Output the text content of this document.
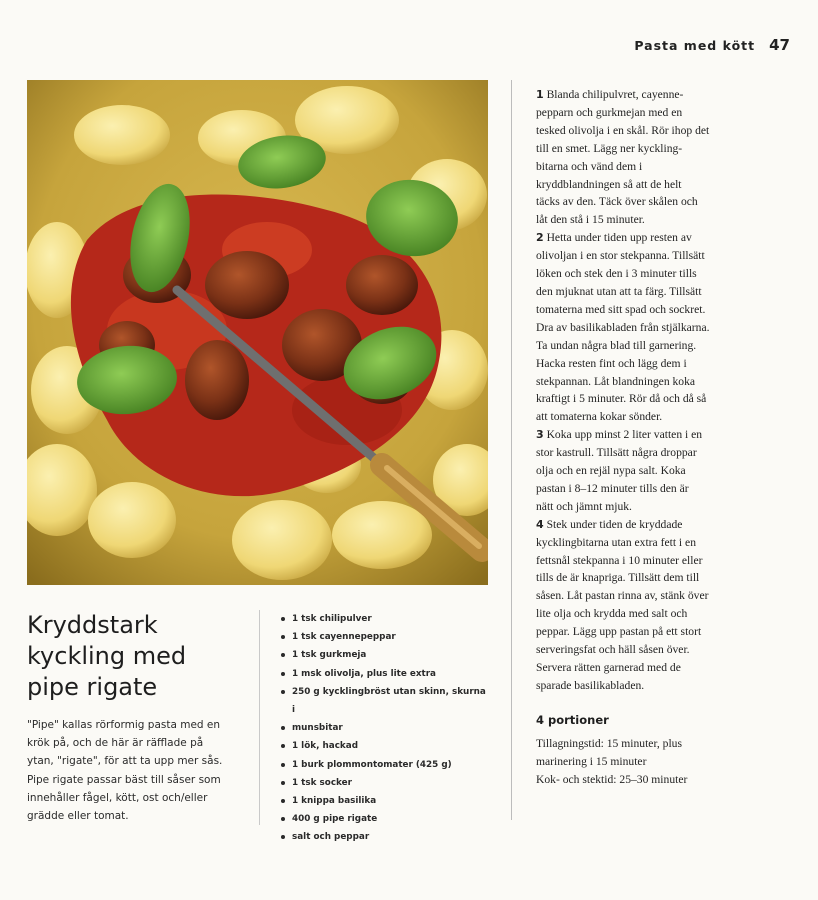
Pasta med kött 47
Kryddstark
kyckling med
pipe rigate

"Pipe" kallas rörformig pasta med en
krök på, och de här är räfflade på
ytan, "rigate", för att ta upp mer sås.
Pipe rigate passar bäst till såser som
innehåller fågel, kött, ost och/eller
grädde eller tomat.

1 tsk chilipulver
1 tsk cayennepeppar
1 tsk gurkmeja
1 msk olivolja, plus lite extra
250 g kycklingbröst utan skinn, skurna i
munsbitar
1 lök, hackad
1 burk plommontomater (425 g)
1 tsk socker
1 knippa basilika
400 g pipe rigate
salt och peppar

1 Blanda chilipulvret, cayenne-
pepparn och gurkmejan med en
tesked olivolja i en skål. Rör ihop det
till en smet. Lägg ner kyckling-
bitarna och vänd dem i
kryddblandningen så att de helt
täcks av den. Täck över skålen och
låt den stå i 15 minuter.

2 Hetta under tiden upp resten av
olivoljan i en stor stekpanna. Tillsätt
löken och stek den i 3 minuter tills
den mjuknat utan att ta färg. Tillsätt
tomaterna med sitt spad och sockret.
Dra av basilikabladen från stjälkarna.
Ta undan några blad till garnering.
Hacka resten fint och lägg dem i
stekpannan. Låt blandningen koka
kraftigt i 5 minuter. Rör då och då så
att tomaterna kokar sönder.

3 Koka upp minst 2 liter vatten i en
stor kastrull. Tillsätt några droppar
olja och en rejäl nypa salt. Koka
pastan i 8–12 minuter tills den är
nätt och jämnt mjuk.

4 Stek under tiden de kryddade
kycklingbitarna utan extra fett i en
fettsnål stekpanna i 10 minuter eller
tills de är knapriga. Tillsätt dem till
såsen. Låt pastan rinna av, stänk över
lite olja och krydda med salt och
peppar. Lägg upp pastan på ett stort
serveringsfat och häll såsen över.
Servera rätten garnerad med de
sparade basilikabladen.

4 portioner

Tillagningstid: 15 minuter, plus
marinering i 15 minuter

Kok- och stektid: 25–30 minuter
